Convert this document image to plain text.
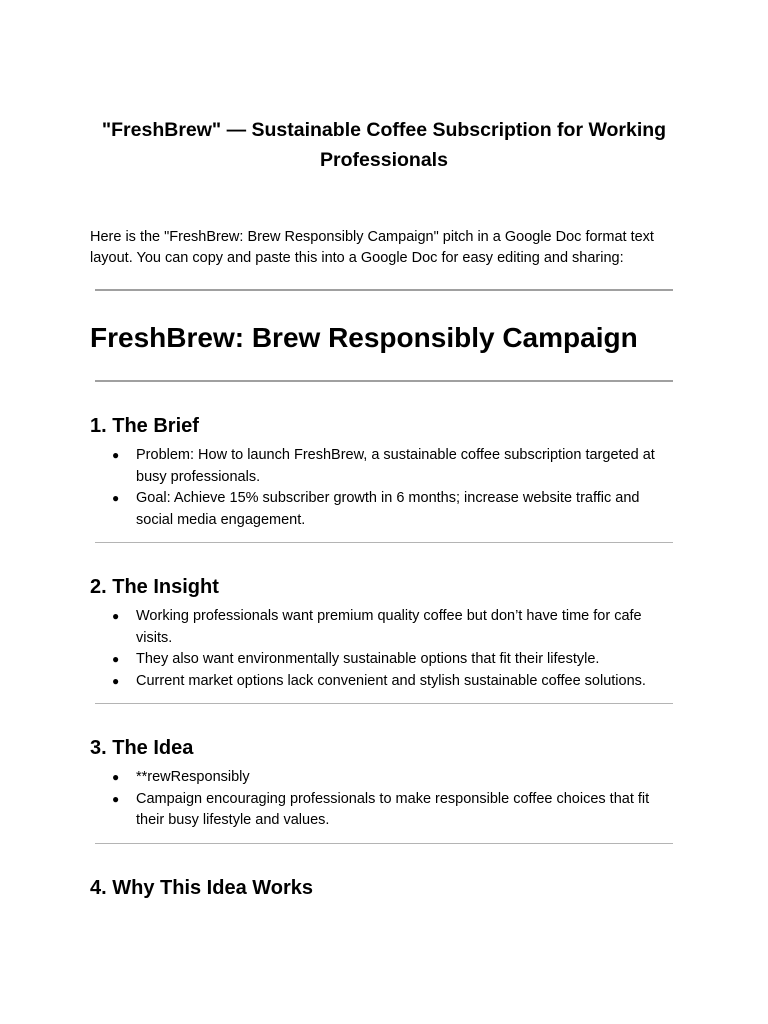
"FreshBrew" — Sustainable Coffee Subscription for Working Professionals

Here is the "FreshBrew: Brew Responsibly Campaign" pitch in a Google Doc format text layout. You can copy and paste this into a Google Doc for easy editing and sharing:

FreshBrew: Brew Responsibly Campaign
1. The Brief
● Problem: How to launch FreshBrew, a sustainable coffee subscription targeted at busy professionals.
● Goal: Achieve 15% subscriber growth in 6 months; increase website traffic and social media engagement.
2. The Insight
● Working professionals want premium quality coffee but don’t have time for cafe visits.
● They also want environmentally sustainable options that fit their lifestyle.
● Current market options lack convenient and stylish sustainable coffee solutions.
3. The Idea
● **rewResponsibly
● Campaign encouraging professionals to make responsible coffee choices that fit their busy lifestyle and values.
4. Why This Idea Works
